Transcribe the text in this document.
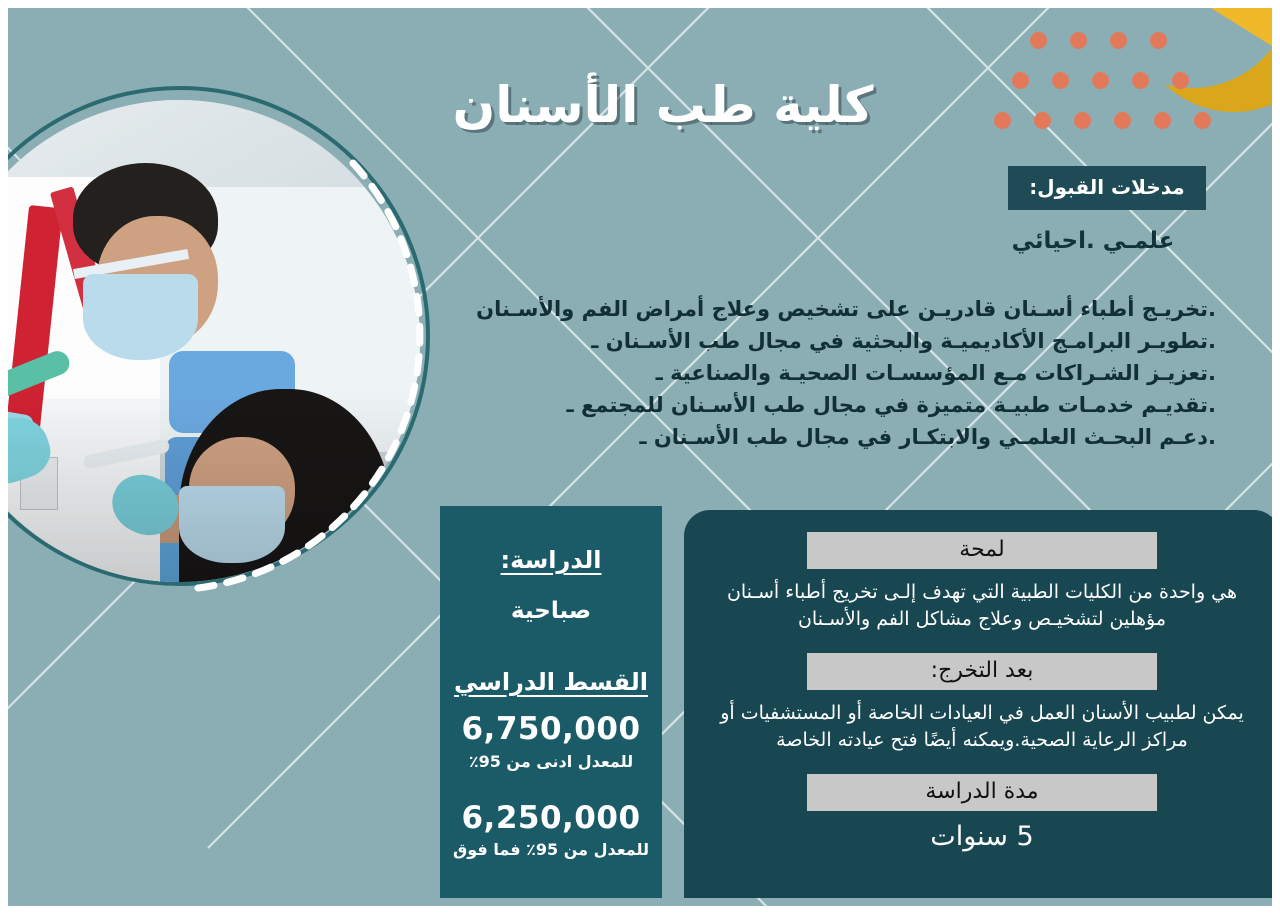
كلية طب الأسنان
مدخلات القبول:
علمـي .احيائي
.تخريـج أطباء أسـنان قادريـن على تشخيص وعلاج أمراض الفم والأسـنان
.تطويـر البرامـج الأكاديميـة والبحثية في مجال طب الأسـنان ـ
.تعزيـز الشـراكات مـع المؤسسـات الصحيـة والصناعية ـ
.تقديـم خدمـات طبيـة متميزة في مجال طب الأسـنان للمجتمع ـ
.دعـم البحـث العلمـي والابتكـار في مجال طب الأسـنان ـ
الدراسة:
صباحية
القسط الدراسي
6,750,000
للمعدل ادنى من 95٪
6,250,000
للمعدل من 95٪ فما فوق
لمحة
هي واحدة من الكليات الطبية التي تهدف إلـى تخريج أطباء أسـنان مؤهلين لتشخيـص وعلاج مشاكل الفم والأسـنان
بعد التخرج:
يمكن لطبيب الأسنان العمل في العيادات الخاصة أو المستشفيات أو مراكز الرعاية الصحية.ويمكنه أيضًا فتح عيادته الخاصة
مدة الدراسة
5 سنوات
